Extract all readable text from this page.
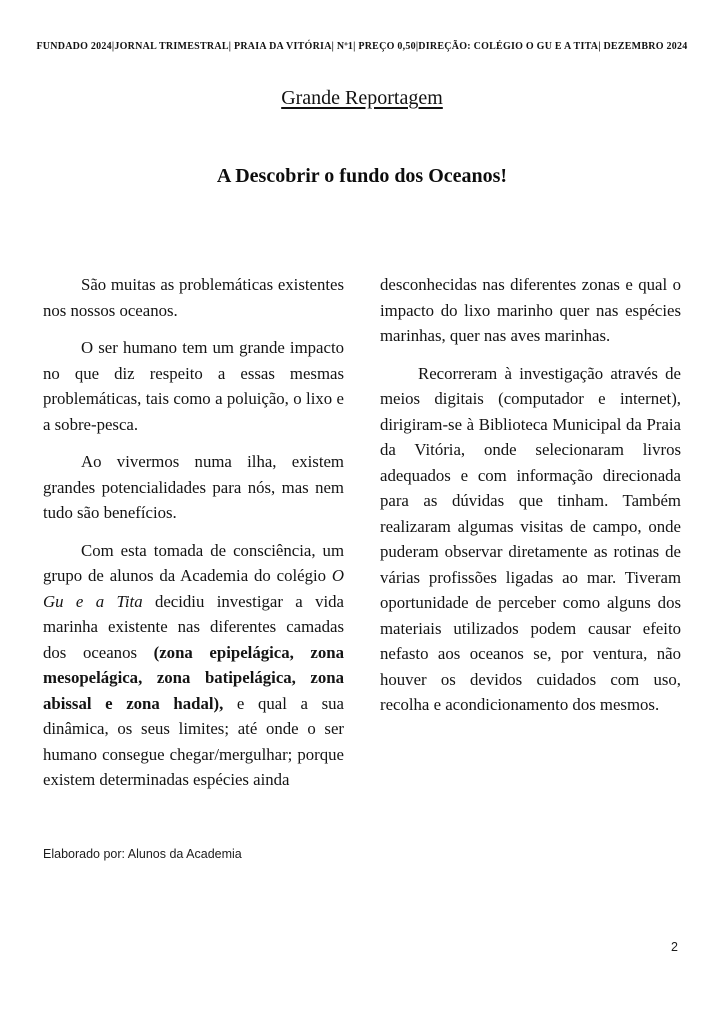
FUNDADO 2024|JORNAL TRIMESTRAL| PRAIA DA VITÓRIA| Nº1| PREÇO 0,50|DIREÇÃO: COLÉGIO O GU E A TITA| DEZEMBRO 2024
Grande Reportagem
A Descobrir o fundo dos Oceanos!

São muitas as problemáticas existentes nos nossos oceanos.

O ser humano tem um grande impacto no que diz respeito a essas mesmas problemáticas, tais como a poluição, o lixo e a sobre-pesca.

Ao vivermos numa ilha, existem grandes potencialidades para nós, mas nem tudo são benefícios.

Com esta tomada de consciência, um grupo de alunos da Academia do colégio O Gu e a Tita decidiu investigar a vida marinha existente nas diferentes camadas dos oceanos (zona epipelágica, zona mesopelágica, zona batipelágica, zona abissal e zona hadal), e qual a sua dinâmica, os seus limites; até onde o ser humano consegue chegar/mergulhar; porque existem determinadas espécies ainda

desconhecidas nas diferentes zonas e qual o impacto do lixo marinho quer nas espécies marinhas, quer nas aves marinhas.

Recorreram à investigação através de meios digitais (computador e internet), dirigiram-se à Biblioteca Municipal da Praia da Vitória, onde selecionaram livros adequados e com informação direcionada para as dúvidas que tinham. Também realizaram algumas visitas de campo, onde puderam observar diretamente as rotinas de várias profissões ligadas ao mar. Tiveram oportunidade de perceber como alguns dos materiais utilizados podem causar efeito nefasto aos oceanos se, por ventura, não houver os devidos cuidados com uso, recolha e acondicionamento dos mesmos.

Elaborado por: Alunos da Academia
2
